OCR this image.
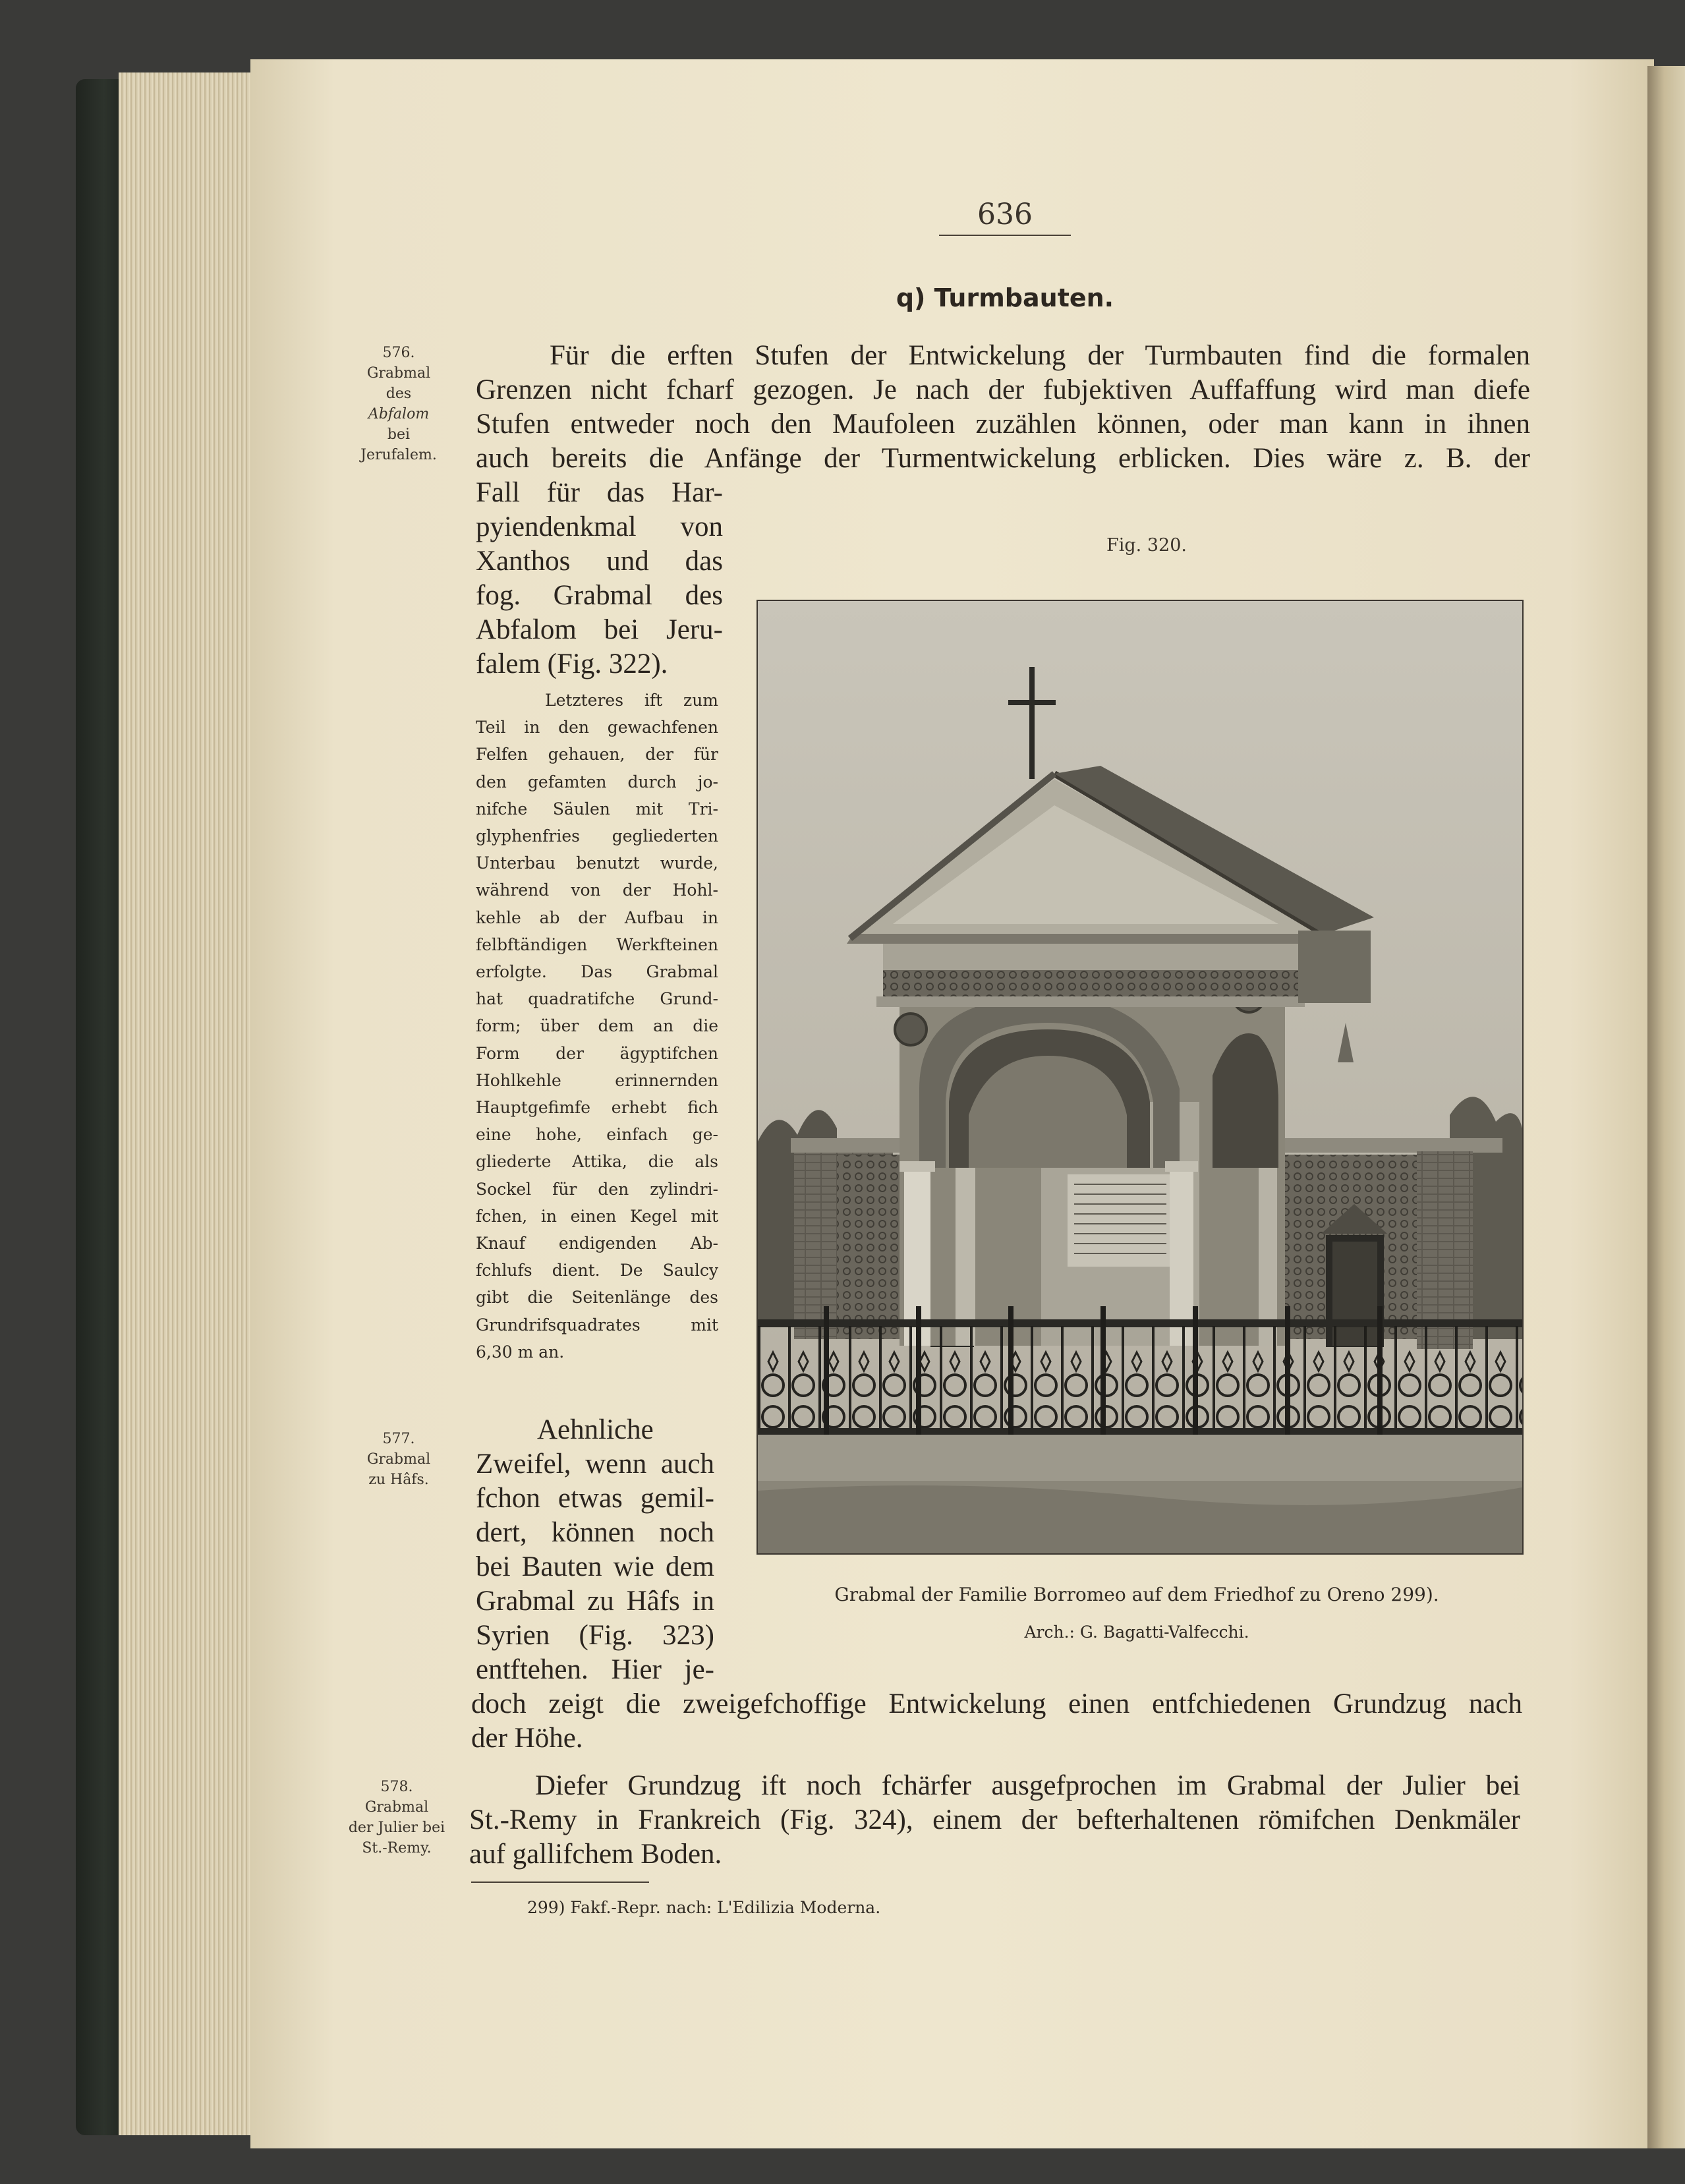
636
q) Turmbauten.
576.
Grabmal
des
Abfalom
bei
Jerufalem.
577.
Grabmal
zu Hâfs.
578.
Grabmal
der Julier bei
St.-Remy.
Für die erften Stufen der Entwickelung der Turmbauten find die formalen
Grenzen nicht fcharf gezogen. Je nach der fubjektiven Auffaffung wird man diefe
Stufen entweder noch den Maufoleen zuzählen können, oder man kann in ihnen
auch bereits die Anfänge der Turmentwickelung erblicken. Dies wäre z. B. der
Fall für das Har-
pyiendenkmal von
Xanthos und das
fog. Grabmal des
Abfalom bei Jeru-
falem (Fig. 322).
Letzteres ift zum
Teil in den gewachfenen
Felfen gehauen, der für
den gefamten durch jo-
nifche Säulen mit Tri-
glyphenfries gegliederten
Unterbau benutzt wurde,
während von der Hohl-
kehle ab der Aufbau in
felbftändigen Werkfteinen
erfolgte. Das Grabmal
hat quadratifche Grund-
form; über dem an die
Form der ägyptifchen
Hohlkehle erinnernden
Hauptgefimfe erhebt fich
eine hohe, einfach ge-
gliederte Attika, die als
Sockel für den zylindri-
fchen, in einen Kegel mit
Knauf endigenden Ab-
fchlufs dient. De Saulcy
gibt die Seitenlänge des
Grundrifsquadrates mit
6,30 m an.
Aehnliche
Zweifel, wenn auch
fchon etwas gemil-
dert, können noch
bei Bauten wie dem
Grabmal zu Hâfs in
Syrien (Fig. 323)
entftehen. Hier je-
doch zeigt die zweigefchoffige Entwickelung einen entfchiedenen Grundzug nach
der Höhe.
Diefer Grundzug ift noch fchärfer ausgefprochen im Grabmal der Julier bei
St.-Remy in Frankreich (Fig. 324), einem der befterhaltenen römifchen Denkmäler
auf gallifchem Boden.
Fig. 320.
Grabmal der Familie Borromeo auf dem Friedhof zu Oreno 299).
Arch.: G. Bagatti-Valfecchi.
299) Fakf.-Repr. nach: L'Edilizia Moderna.
